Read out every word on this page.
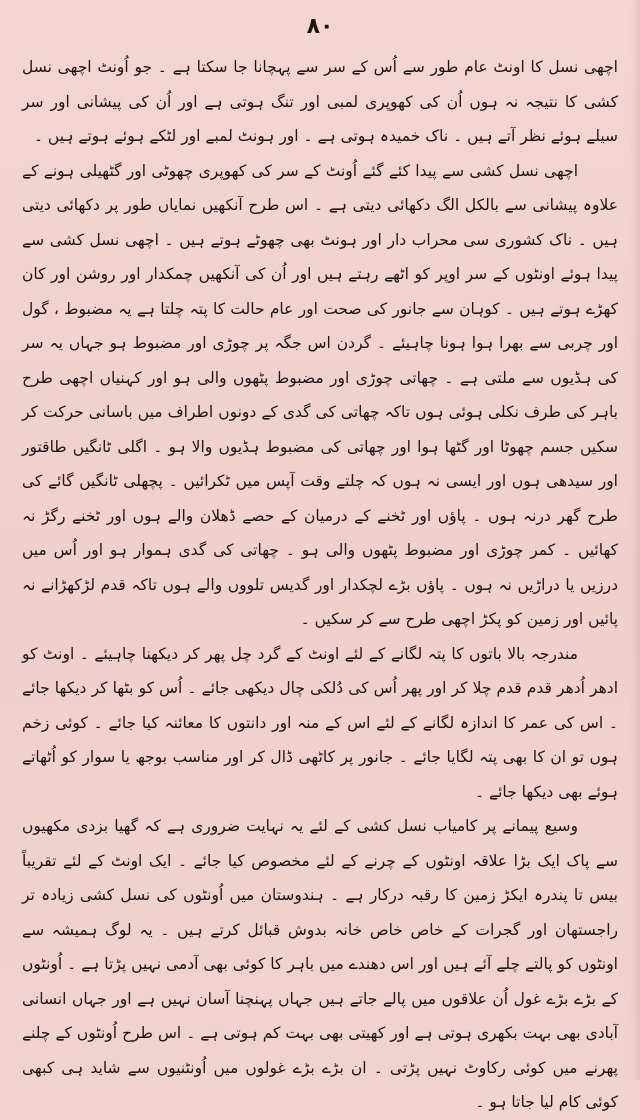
۸۰

اچھی نسل کا اونٹ عام طور سے اُس کے سر سے پہچانا جا سکتا ہے ۔ جو اُونٹ اچھی نسل کشی کا نتیجہ نہ ہوں اُن کی کھوپری لمبی اور تنگ ہوتی ہے اور اُن کی پیشانی اور سر سیلے ہوئے نظر آتے ہیں ۔ ناک خمیدہ ہوتی ہے ۔ اور ہونٹ لمبے اور لٹکے ہوئے ہوتے ہیں ۔

اچھی نسل کشی سے پیدا کئے گئے اُونٹ کے سر کی کھوپری چھوٹی اور گٹھیلی ہونے کے علاوہ پیشانی سے بالکل الگ دکھائی دیتی ہے ۔ اس طرح آنکھیں نمایاں طور پر دکھائی دیتی ہیں ۔ ناک کشوری سی محراب دار اور ہونٹ بھی چھوٹے ہوتے ہیں ۔ اچھی نسل کشی سے پیدا ہوئے اونٹوں کے سر اوپر کو اٹھے رہتے ہیں اور اُن کی آنکھیں چمکدار اور روشن اور کان کھڑے ہوتے ہیں ۔ کوہان سے جانور کی صحت اور عام حالت کا پتہ چلتا ہے یہ مضبوط ، گول اور چربی سے بھرا ہوا ہونا چاہیئے ۔ گردن اس جگہ پر چوڑی اور مضبوط ہو جہاں یہ سر کی ہڈیوں سے ملتی ہے ۔ چھاتی چوڑی اور مضبوط پٹھوں والی ہو اور کہنیاں اچھی طرح باہر کی طرف نکلی ہوئی ہوں تاکہ چھاتی کی گدی کے دونوں اطراف میں باسانی حرکت کر سکیں جسم چھوٹا اور گٹھا ہوا اور چھاتی کی مضبوط ہڈیوں والا ہو ۔ اگلی ٹانگیں طاقتور اور سیدھی ہوں اور ایسی نہ ہوں کہ چلتے وقت آپس میں ٹکرائیں ۔ پچھلی ٹانگیں گائے کی طرح گھر درنہ ہوں ۔ پاؤں اور ٹخنے کے درمیان کے حصے ڈھلان والے ہوں اور ٹخنے رگڑ نہ کھائیں ۔ کمر چوڑی اور مضبوط پٹھوں والی ہو ۔ چھاتی کی گدی ہموار ہو اور اُس میں درزیں یا دراڑیں نہ ہوں ۔ پاؤں بڑے لچکدار اور گدیس تلووں والے ہوں تاکہ قدم لڑکھڑانے نہ پائیں اور زمین کو پکڑ اچھی طرح سے کر سکیں ۔

مندرجہ بالا باتوں کا پتہ لگانے کے لئے اونٹ کے گرد چل پھر کر دیکھنا چاہیئے ۔ اونٹ کو ادھر اُدھر قدم قدم چلا کر اور پھر اُس کی دُلکی چال دیکھی جائے ۔ اُس کو بٹھا کر دیکھا جائے ۔ اس کی عمر کا اندازہ لگانے کے لئے اس کے منہ اور دانتوں کا معائنہ کیا جائے ۔ کوئی زخم ہوں تو ان کا بھی پتہ لگایا جائے ۔ جانور پر کاٹھی ڈال کر اور مناسب بوجھ یا سوار کو اُٹھاتے ہوئے بھی دیکھا جائے ۔

وسیع پیمانے پر کامیاب نسل کشی کے لئے یہ نہایت ضروری ہے کہ گھیا بزدی مکھیوں سے پاک ایک بڑا علاقہ اونٹوں کے چرنے کے لئے مخصوص کیا جائے ۔ ایک اونٹ کے لئے تقریباً بیس تا پندرہ ایکڑ زمین کا رقبہ درکار ہے ۔ ہندوستان میں اُونٹوں کی نسل کشی زیادہ تر راجستھان اور گجرات کے خاص خاص خانہ بدوش قبائل کرتے ہیں ۔ یہ لوگ ہمیشہ سے اونٹوں کو پالتے چلے آئے ہیں اور اس دھندے میں باہر کا کوئی بھی آدمی نہیں پڑتا ہے ۔ اُونٹوں کے بڑے بڑے غول اُن علاقوں میں پالے جاتے ہیں جہاں پہنچنا آسان نہیں ہے اور جہاں انسانی آبادی بھی بہت بکھری ہوتی ہے اور کھیتی بھی بہت کم ہوتی ہے ۔ اس طرح اُونٹوں کے چلنے پھرنے میں کوئی رکاوٹ نہیں پڑتی ۔ ان بڑے بڑے غولوں میں اُونٹنیوں سے شاید ہی کبھی کوئی کام لیا جاتا ہو ۔
